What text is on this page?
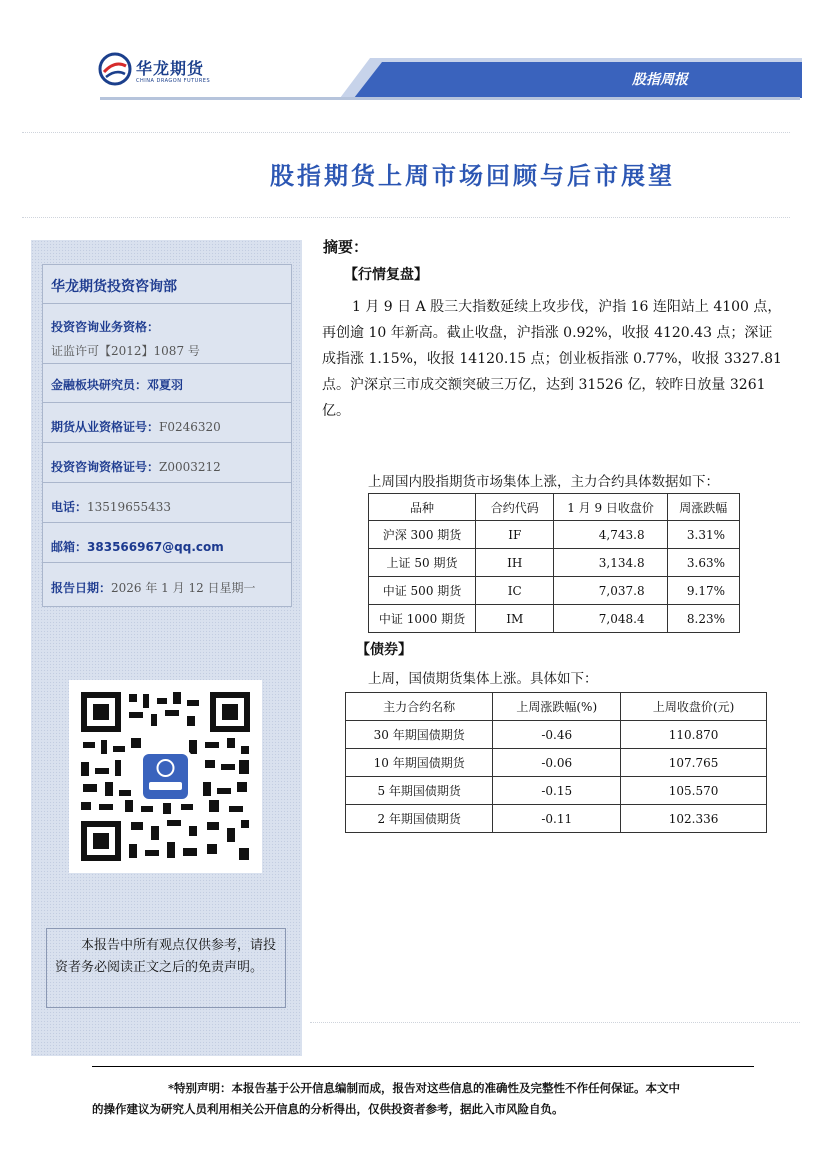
华龙期货
CHINA DRAGON FUTURES	股指周报
股指期货上周市场回顾与后市展望
华龙期货投资咨询部
投资咨询业务资格：
证监许可【2012】1087 号
金融板块研究员：邓夏羽
期货从业资格证号：F0246320
投资咨询资格证号：Z0003212
电话：13519655433
邮箱：383566967@qq.com
报告日期：2026 年 1 月 12 日星期一
本报告中所有观点仅供参考，请投资者务必阅读正文之后的免责声明。
摘要：
【行情复盘】
1 月 9 日 A 股三大指数延续上攻步伐，沪指 16 连阳站上 4100 点，再创逾 10 年新高。截止收盘，沪指涨 0.92%，收报 4120.43 点；深证成指涨 1.15%，收报 14120.15 点；创业板指涨 0.77%，收报 3327.81 点。沪深京三市成交额突破三万亿，达到 31526 亿，较昨日放量 3261 亿。
上周国内股指期货市场集体上涨，主力合约具体数据如下：
品种	合约代码	1 月 9 日收盘价	周涨跌幅
沪深 300 期货	IF	4,743.8	3.31%
上证 50 期货	IH	3,134.8	3.63%
中证 500 期货	IC	7,037.8	9.17%
中证 1000 期货	IM	7,048.4	8.23%
【债券】
上周，国债期货集体上涨。具体如下：
主力合约名称	上周涨跌幅(%)	上周收盘价(元)
30 年期国债期货	-0.46	110.870
10 年期国债期货	-0.06	107.765
5 年期国债期货	-0.15	105.570
2 年期国债期货	-0.11	102.336
*特别声明：本报告基于公开信息编制而成，报告对这些信息的准确性及完整性不作任何保证。本文中
的操作建议为研究人员利用相关公开信息的分析得出，仅供投资者参考，据此入市风险自负。
